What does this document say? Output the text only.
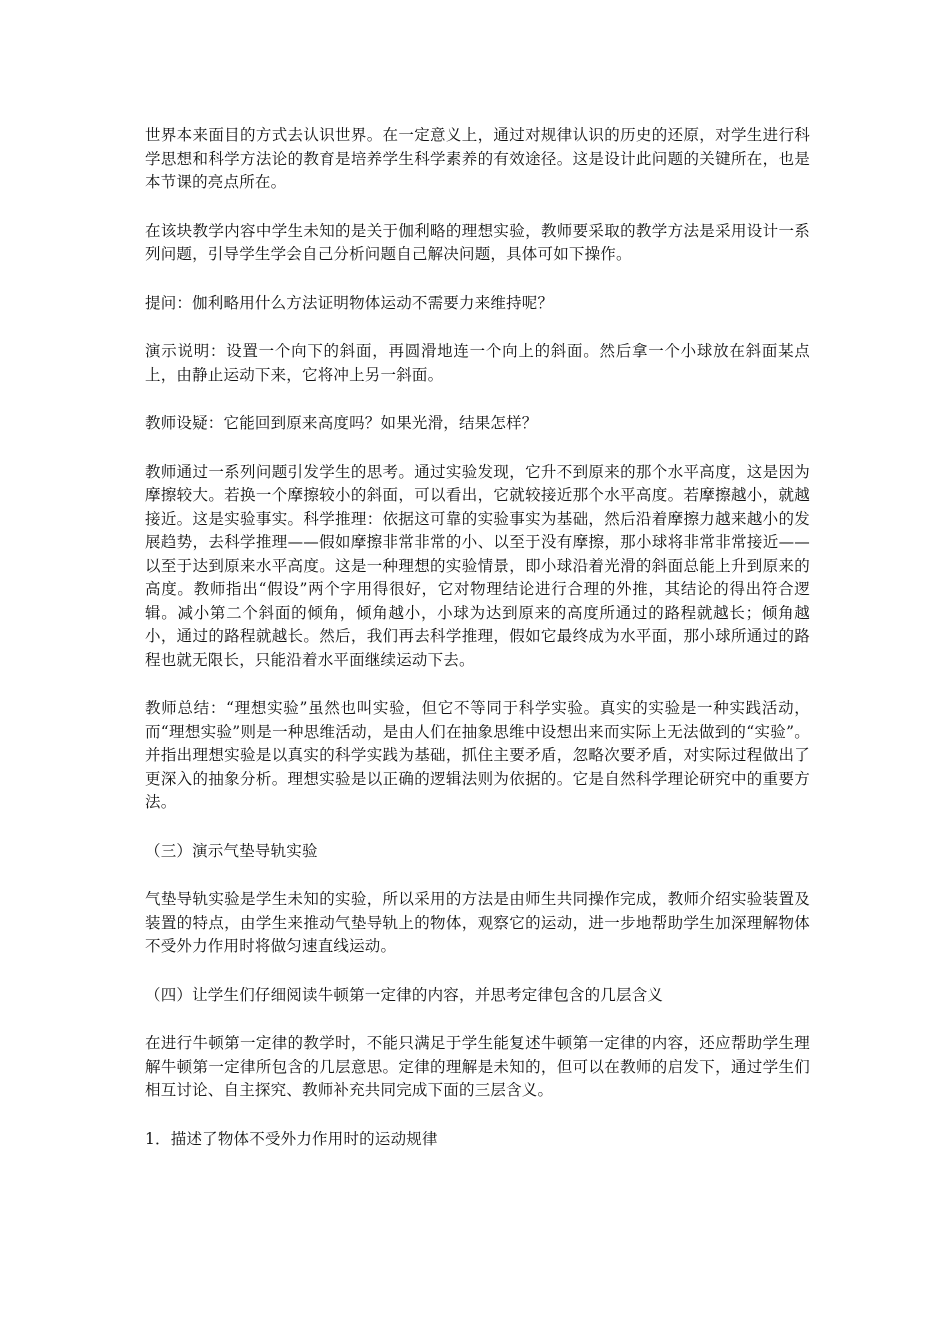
世界本来面目的方式去认识世界。在一定意义上，通过对规律认识的历史的还原，对学生进行科学思想和科学方法论的教育是培养学生科学素养的有效途径。这是设计此问题的关键所在，也是本节课的亮点所在。

在该块教学内容中学生未知的是关于伽利略的理想实验，教师要采取的教学方法是采用设计一系列问题，引导学生学会自己分析问题自己解决问题，具体可如下操作。

提问：伽利略用什么方法证明物体运动不需要力来维持呢？

演示说明：设置一个向下的斜面，再圆滑地连一个向上的斜面。然后拿一个小球放在斜面某点上，由静止运动下来，它将冲上另一斜面。

教师设疑：它能回到原来高度吗？如果光滑，结果怎样？

教师通过一系列问题引发学生的思考。通过实验发现，它升不到原来的那个水平高度，这是因为摩擦较大。若换一个摩擦较小的斜面，可以看出，它就较接近那个水平高度。若摩擦越小，就越接近。这是实验事实。科学推理：依据这可靠的实验事实为基础，然后沿着摩擦力越来越小的发展趋势，去科学推理——假如摩擦非常非常的小、以至于没有摩擦，那小球将非常非常接近——以至于达到原来水平高度。这是一种理想的实验情景，即小球沿着光滑的斜面总能上升到原来的高度。教师指出“假设”两个字用得很好，它对物理结论进行合理的外推，其结论的得出符合逻辑。减小第二个斜面的倾角，倾角越小，小球为达到原来的高度所通过的路程就越长；倾角越小，通过的路程就越长。然后，我们再去科学推理，假如它最终成为水平面，那小球所通过的路程也就无限长，只能沿着水平面继续运动下去。

教师总结：“理想实验”虽然也叫实验，但它不等同于科学实验。真实的实验是一种实践活动，而“理想实验”则是一种思维活动，是由人们在抽象思维中设想出来而实际上无法做到的“实验”。并指出理想实验是以真实的科学实践为基础，抓住主要矛盾，忽略次要矛盾，对实际过程做出了更深入的抽象分析。理想实验是以正确的逻辑法则为依据的。它是自然科学理论研究中的重要方法。

（三）演示气垫导轨实验

气垫导轨实验是学生未知的实验，所以采用的方法是由师生共同操作完成，教师介绍实验装置及装置的特点，由学生来推动气垫导轨上的物体，观察它的运动，进一步地帮助学生加深理解物体不受外力作用时将做匀速直线运动。

（四）让学生们仔细阅读牛顿第一定律的内容，并思考定律包含的几层含义

在进行牛顿第一定律的教学时，不能只满足于学生能复述牛顿第一定律的内容，还应帮助学生理解牛顿第一定律所包含的几层意思。定律的理解是未知的，但可以在教师的启发下，通过学生们相互讨论、自主探究、教师补充共同完成下面的三层含义。

1．描述了物体不受外力作用时的运动规律
